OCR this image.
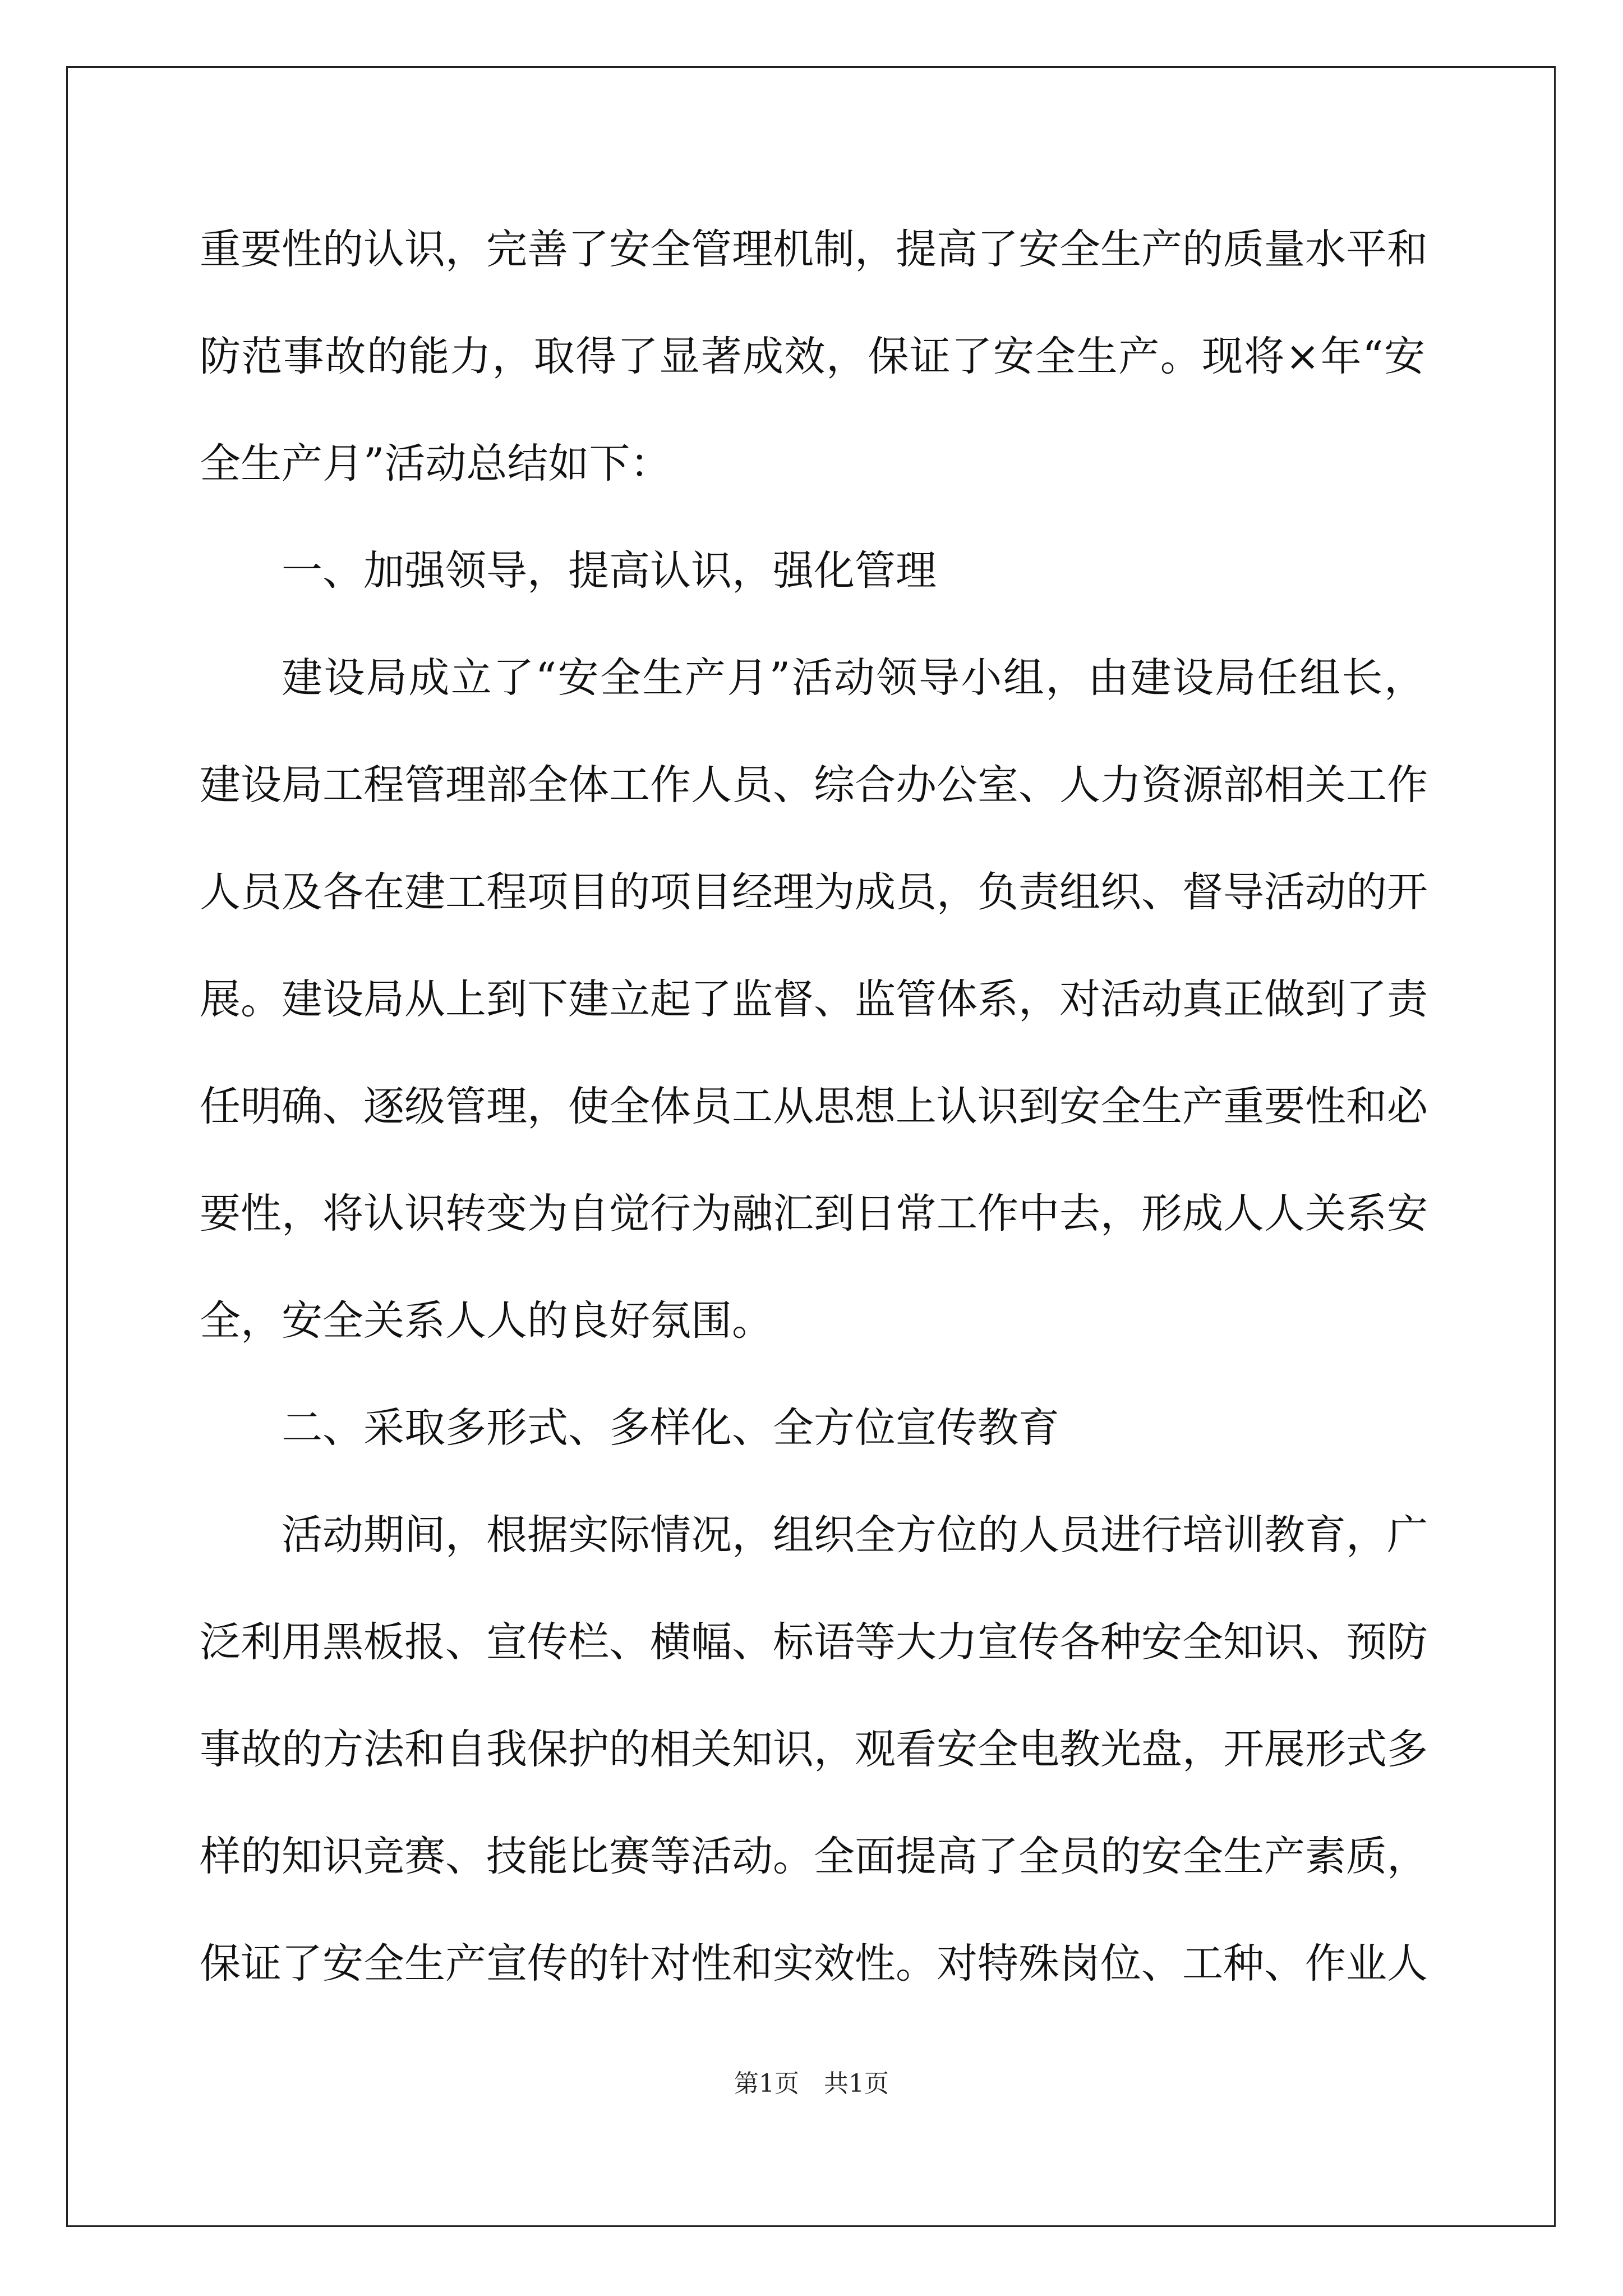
重要性的认识，完善了安全管理机制，提高了安全生产的质量水平和
防范事故的能力，取得了显著成效，保证了安全生产。现将×年“安
全生产月”活动总结如下：
一、加强领导，提高认识，强化管理
建设局成立了“安全生产月”活动领导小组，由建设局任组长，
建设局工程管理部全体工作人员、综合办公室、人力资源部相关工作
人员及各在建工程项目的项目经理为成员，负责组织、督导活动的开
展。建设局从上到下建立起了监督、监管体系，对活动真正做到了责
任明确、逐级管理，使全体员工从思想上认识到安全生产重要性和必
要性，将认识转变为自觉行为融汇到日常工作中去，形成人人关系安
全，安全关系人人的良好氛围。
二、采取多形式、多样化、全方位宣传教育
活动期间，根据实际情况，组织全方位的人员进行培训教育，广
泛利用黑板报、宣传栏、横幅、标语等大力宣传各种安全知识、预防
事故的方法和自我保护的相关知识，观看安全电教光盘，开展形式多
样的知识竞赛、技能比赛等活动。全面提高了全员的安全生产素质，
保证了安全生产宣传的针对性和实效性。对特殊岗位、工种、作业人
第1页　共1页
